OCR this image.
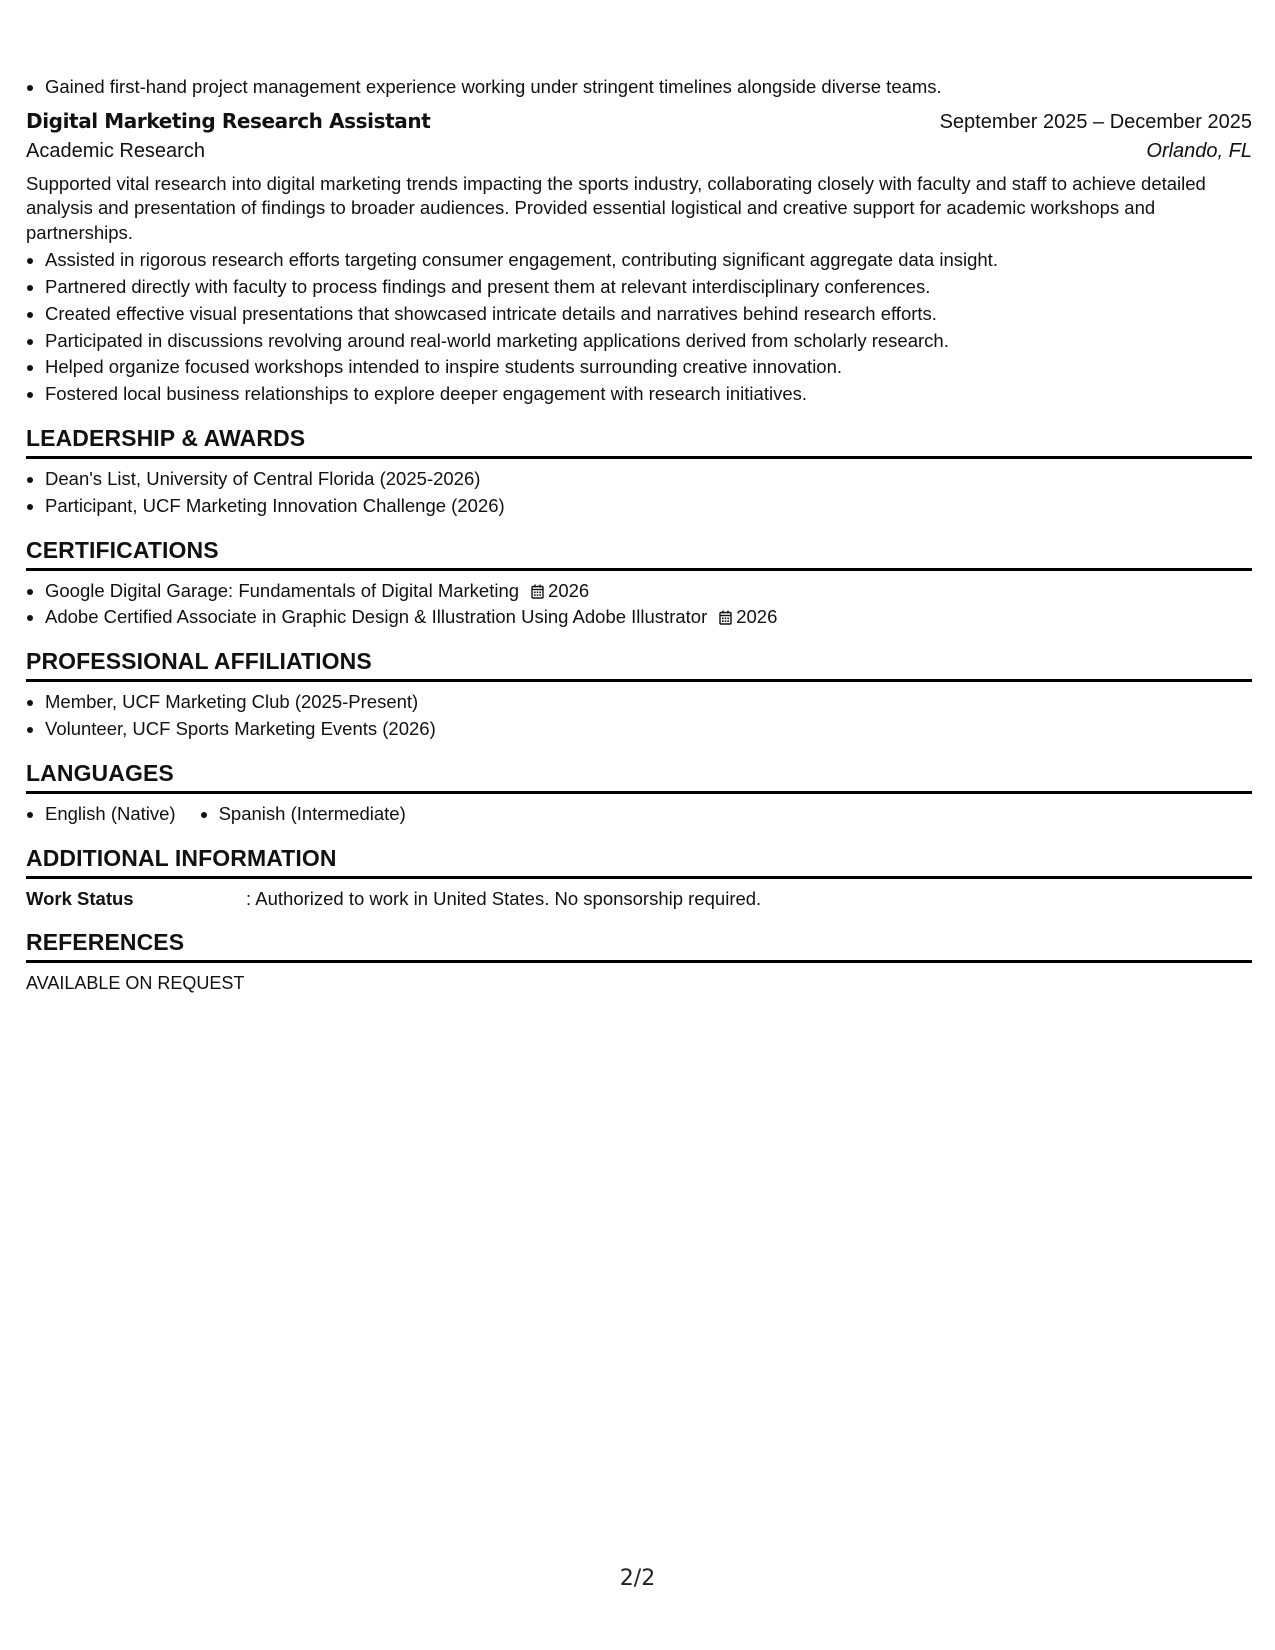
Gained first-hand project management experience working under stringent timelines alongside diverse teams.
Digital Marketing Research Assistant	September 2025 – December 2025
Academic Research	Orlando, FL
Supported vital research into digital marketing trends impacting the sports industry, collaborating closely with faculty and staff to achieve detailed analysis and presentation of findings to broader audiences. Provided essential logistical and creative support for academic workshops and partnerships.
Assisted in rigorous research efforts targeting consumer engagement, contributing significant aggregate data insight.
Partnered directly with faculty to process findings and present them at relevant interdisciplinary conferences.
Created effective visual presentations that showcased intricate details and narratives behind research efforts.
Participated in discussions revolving around real-world marketing applications derived from scholarly research.
Helped organize focused workshops intended to inspire students surrounding creative innovation.
Fostered local business relationships to explore deeper engagement with research initiatives.
LEADERSHIP & AWARDS
Dean's List, University of Central Florida (2025-2026)
Participant, UCF Marketing Innovation Challenge (2026)
CERTIFICATIONS
Google Digital Garage: Fundamentals of Digital Marketing 2026
Adobe Certified Associate in Graphic Design & Illustration Using Adobe Illustrator 2026
PROFESSIONAL AFFILIATIONS
Member, UCF Marketing Club (2025-Present)
Volunteer, UCF Sports Marketing Events (2026)
LANGUAGES
English (Native)	Spanish (Intermediate)
ADDITIONAL INFORMATION
Work Status	: Authorized to work in United States. No sponsorship required.
REFERENCES
AVAILABLE ON REQUEST
2/2
